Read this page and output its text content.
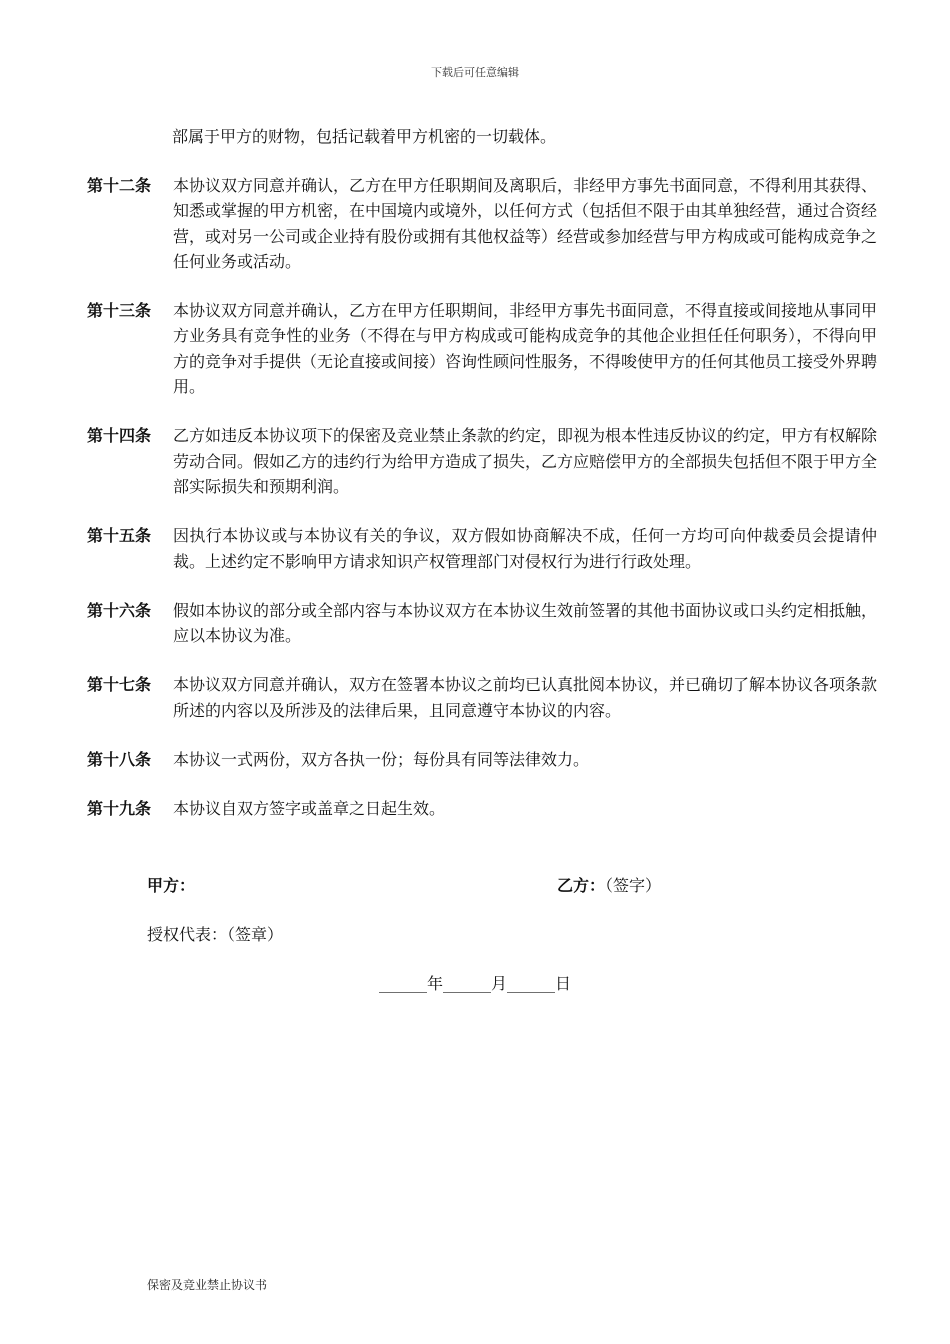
下载后可任意编辑
部属于甲方的财物，包括记载着甲方机密的一切载体。
第十二条	本协议双方同意并确认，乙方在甲方任职期间及离职后，非经甲方事先书面同意，不得利用其获得、知悉或掌握的甲方机密，在中国境内或境外，以任何方式（包括但不限于由其单独经营，通过合资经营，或对另一公司或企业持有股份或拥有其他权益等）经营或参加经营与甲方构成或可能构成竞争之任何业务或活动。
第十三条	本协议双方同意并确认，乙方在甲方任职期间，非经甲方事先书面同意，不得直接或间接地从事同甲方业务具有竞争性的业务（不得在与甲方构成或可能构成竞争的其他企业担任任何职务），不得向甲方的竞争对手提供（无论直接或间接）咨询性顾问性服务，不得唆使甲方的任何其他员工接受外界聘用。
第十四条	乙方如违反本协议项下的保密及竞业禁止条款的约定，即视为根本性违反协议的约定，甲方有权解除劳动合同。假如乙方的违约行为给甲方造成了损失，乙方应赔偿甲方的全部损失包括但不限于甲方全部实际损失和预期利润。
第十五条	因执行本协议或与本协议有关的争议，双方假如协商解决不成，任何一方均可向仲裁委员会提请仲裁。上述约定不影响甲方请求知识产权管理部门对侵权行为进行行政处理。
第十六条	假如本协议的部分或全部内容与本协议双方在本协议生效前签署的其他书面协议或口头约定相抵触，应以本协议为准。
第十七条	本协议双方同意并确认，双方在签署本协议之前均已认真批阅本协议，并已确切了解本协议各项条款所述的内容以及所涉及的法律后果，且同意遵守本协议的内容。
第十八条	本协议一式两份，双方各执一份；每份具有同等法律效力。
第十九条	本协议自双方签字或盖章之日起生效。
甲方：	乙方：（签字）
授权代表：（签章）
______年______月______日
保密及竞业禁止协议书
